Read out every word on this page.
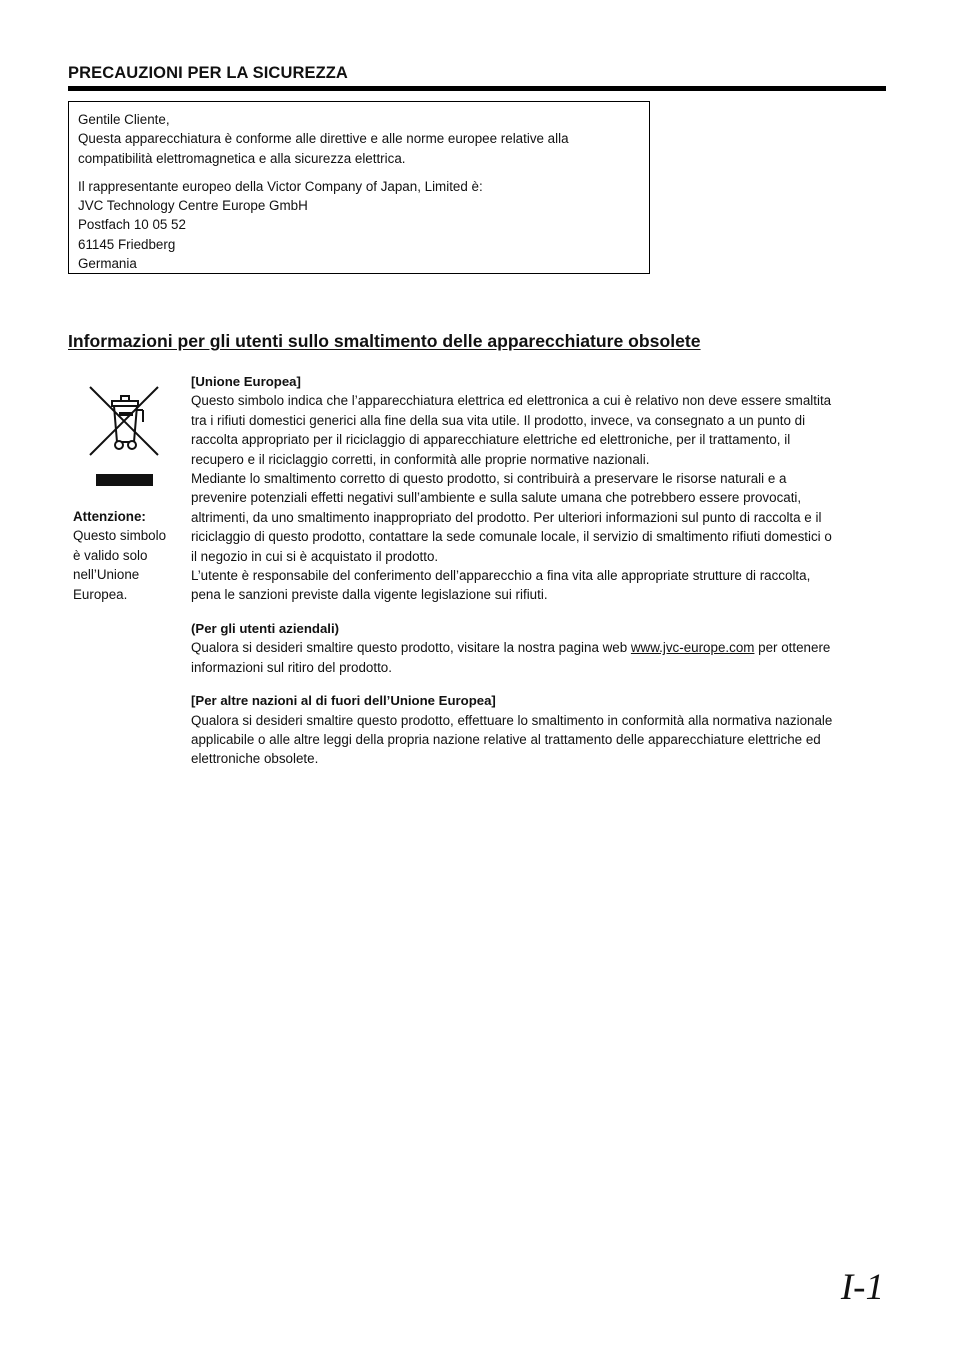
PRECAUZIONI PER LA SICUREZZA
Gentile Cliente,
Questa apparecchiatura è conforme alle direttive e alle norme europee relative alla
compatibilità elettromagnetica e alla sicurezza elettrica.
Il rappresentante europeo della Victor Company of Japan, Limited è:
JVC Technology Centre Europe GmbH
Postfach 10 05 52
61145 Friedberg
Germania
Informazioni per gli utenti sullo smaltimento delle apparecchiature obsolete
Attenzione:
Questo simbolo
è valido solo
nell’Unione
Europea.
[Unione Europea]
Questo simbolo indica che l’apparecchiatura elettrica ed elettronica a cui è relativo non deve essere smaltita
tra i rifiuti domestici generici alla fine della sua vita utile. Il prodotto, invece, va consegnato a un punto di
raccolta appropriato per il riciclaggio di apparecchiature elettriche ed elettroniche, per il trattamento, il
recupero e il riciclaggio corretti, in conformità alle proprie normative nazionali.
Mediante lo smaltimento corretto di questo prodotto, si contribuirà a preservare le risorse naturali e a
prevenire potenziali effetti negativi sull’ambiente e sulla salute umana che potrebbero essere provocati,
altrimenti, da uno smaltimento inappropriato del prodotto. Per ulteriori informazioni sul punto di raccolta e il
riciclaggio di questo prodotto, contattare la sede comunale locale, il servizio di smaltimento rifiuti domestici o
il negozio in cui si è acquistato il prodotto.
L’utente è responsabile del conferimento dell’apparecchio a fina vita alle appropriate strutture di raccolta,
pena le sanzioni previste dalla vigente legislazione sui rifiuti.
(Per gli utenti aziendali)
Qualora si desideri smaltire questo prodotto, visitare la nostra pagina web www.jvc-europe.com per ottenere
informazioni sul ritiro del prodotto.
[Per altre nazioni al di fuori dell’Unione Europea]
Qualora si desideri smaltire questo prodotto, effettuare lo smaltimento in conformità alla normativa nazionale
applicabile o alle altre leggi della propria nazione relative al trattamento delle apparecchiature elettriche ed
elettroniche obsolete.
I-1
